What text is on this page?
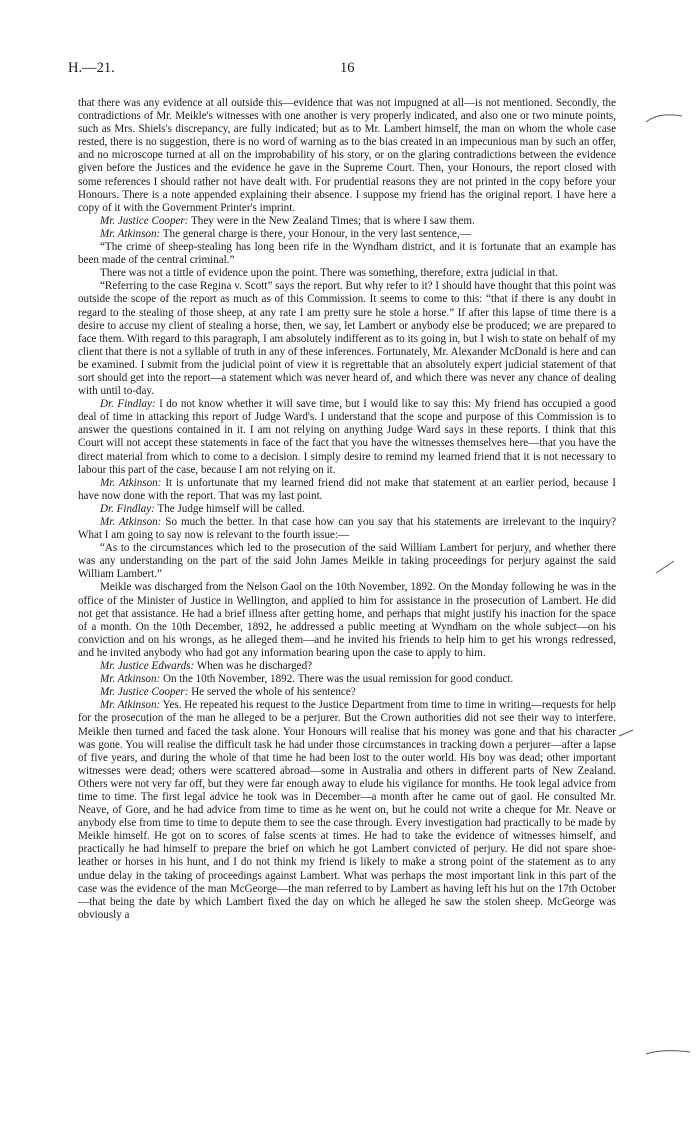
H.—21.	16

that there was any evidence at all outside this—evidence that was not impugned at all—is not mentioned. Secondly, the contradictions of Mr. Meikle's witnesses with one another is very properly indicated, and also one or two minute points, such as Mrs. Shiels's discrepancy, are fully indicated; but as to Mr. Lambert himself, the man on whom the whole case rested, there is no suggestion, there is no word of warning as to the bias created in an impecunious man by such an offer, and no microscope turned at all on the improbability of his story, or on the glaring contradictions between the evidence given before the Justices and the evidence he gave in the Supreme Court. Then, your Honours, the report closed with some references I should rather not have dealt with. For prudential reasons they are not printed in the copy before your Honours. There is a note appended explaining their absence. I suppose my friend has the original report. I have here a copy of it with the Government Printer's imprint.

Mr. Justice Cooper: They were in the New Zealand Times; that is where I saw them.

Mr. Atkinson: The general charge is there, your Honour, in the very last sentence,—

“The crime of sheep-stealing has long been rife in the Wyndham district, and it is fortunate that an example has been made of the central criminal.”

There was not a tittle of evidence upon the point. There was something, therefore, extra judicial in that.

“Referring to the case Regina v. Scott” says the report. But why refer to it? I should have thought that this point was outside the scope of the report as much as of this Commission. It seems to come to this: “that if there is any doubt in regard to the stealing of those sheep, at any rate I am pretty sure he stole a horse.” If after this lapse of time there is a desire to accuse my client of stealing a horse, then, we say, let Lambert or anybody else be produced; we are prepared to face them. With regard to this paragraph, I am absolutely indifferent as to its going in, but I wish to state on behalf of my client that there is not a syllable of truth in any of these inferences. Fortunately, Mr. Alexander McDonald is here and can be examined. I submit from the judicial point of view it is regrettable that an absolutely expert judicial statement of that sort should get into the report—a statement which was never heard of, and which there was never any chance of dealing with until to-day.

Dr. Findlay: I do not know whether it will save time, but I would like to say this: My friend has occupied a good deal of time in attacking this report of Judge Ward's. I understand that the scope and purpose of this Commission is to answer the questions contained in it. I am not relying on anything Judge Ward says in these reports. I think that this Court will not accept these statements in face of the fact that you have the witnesses themselves here—that you have the direct material from which to come to a decision. I simply desire to remind my learned friend that it is not necessary to labour this part of the case, because I am not relying on it.

Mr. Atkinson: It is unfortunate that my learned friend did not make that statement at an earlier period, because I have now done with the report. That was my last point.

Dr. Findlay: The Judge himself will be called.

Mr. Atkinson: So much the better. In that case how can you say that his statements are irrelevant to the inquiry? What I am going to say now is relevant to the fourth issue:—

“As to the circumstances which led to the prosecution of the said William Lambert for perjury, and whether there was any understanding on the part of the said John James Meikle in taking proceedings for perjury against the said William Lambert.”

Meikle was discharged from the Nelson Gaol on the 10th November, 1892. On the Monday following he was in the office of the Minister of Justice in Wellington, and applied to him for assistance in the prosecution of Lambert. He did not get that assistance. He had a brief illness after getting home, and perhaps that might justify his inaction for the space of a month. On the 10th December, 1892, he addressed a public meeting at Wyndham on the whole subject—on his conviction and on his wrongs, as he alleged them—and he invited his friends to help him to get his wrongs redressed, and he invited anybody who had got any information bearing upon the case to apply to him.

Mr. Justice Edwards: When was he discharged?

Mr. Atkinson: On the 10th November, 1892. There was the usual remission for good conduct.

Mr. Justice Cooper: He served the whole of his sentence?

Mr. Atkinson: Yes. He repeated his request to the Justice Department from time to time in writing—requests for help for the prosecution of the man he alleged to be a perjurer. But the Crown authorities did not see their way to interfere. Meikle then turned and faced the task alone. Your Honours will realise that his money was gone and that his character was gone. You will realise the difficult task he had under those circumstances in tracking down a perjurer—after a lapse of five years, and during the whole of that time he had been lost to the outer world. His boy was dead; other important witnesses were dead; others were scattered abroad—some in Australia and others in different parts of New Zealand. Others were not very far off, but they were far enough away to elude his vigilance for months. He took legal advice from time to time. The first legal advice he took was in December—a month after he came out of gaol. He consulted Mr. Neave, of Gore, and he had advice from time to time as he went on, but he could not write a cheque for Mr. Neave or anybody else from time to time to depute them to see the case through. Every investigation had practically to be made by Meikle himself. He got on to scores of false scents at times. He had to take the evidence of witnesses himself, and practically he had himself to prepare the brief on which he got Lambert convicted of perjury. He did not spare shoe-leather or horses in his hunt, and I do not think my friend is likely to make a strong point of the statement as to any undue delay in the taking of proceedings against Lambert. What was perhaps the most important link in this part of the case was the evidence of the man McGeorge—the man referred to by Lambert as having left his hut on the 17th October—that being the date by which Lambert fixed the day on which he alleged he saw the stolen sheep. McGeorge was obviously a
